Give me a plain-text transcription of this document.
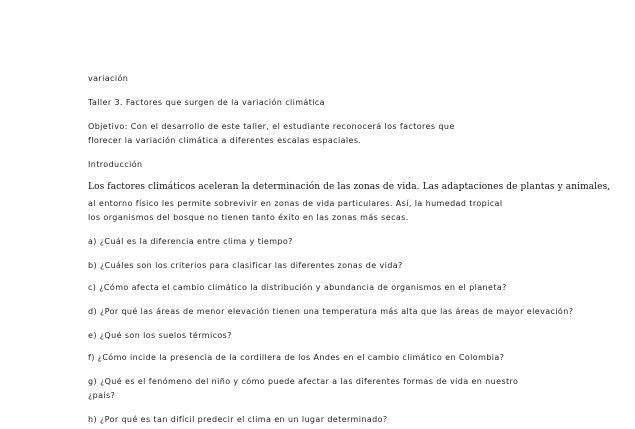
variación
Taller 3. Factores que surgen de la variación climática
Objetivo: Con el desarrollo de este taller, el estudiante reconocerá los factores que
florecer la variación climática a diferentes escalas espaciales.
Introducción
Los factores climáticos aceleran la determinación de las zonas de vida. Las adaptaciones de plantas y animales,
al entorno físico les permite sobrevivir en zonas de vida particulares. Así, la humedad tropical
los organismos del bosque no tienen tanto éxito en las zonas más secas.
a) ¿Cuál es la diferencia entre clima y tiempo?
b) ¿Cuáles son los criterios para clasificar las diferentes zonas de vida?
c) ¿Cómo afecta el cambio climático la distribución y abundancia de organismos en el planeta?
d) ¿Por qué las áreas de menor elevación tienen una temperatura más alta que las áreas de mayor elevación?
e) ¿Qué son los suelos térmicos?
f) ¿Cómo incide la presencia de la cordillera de los Andes en el cambio climático en Colombia?
g) ¿Qué es el fenómeno del niño y cómo puede afectar a las diferentes formas de vida en nuestro
¿país?
h) ¿Por qué es tan difícil predecir el clima en un lugar determinado?
